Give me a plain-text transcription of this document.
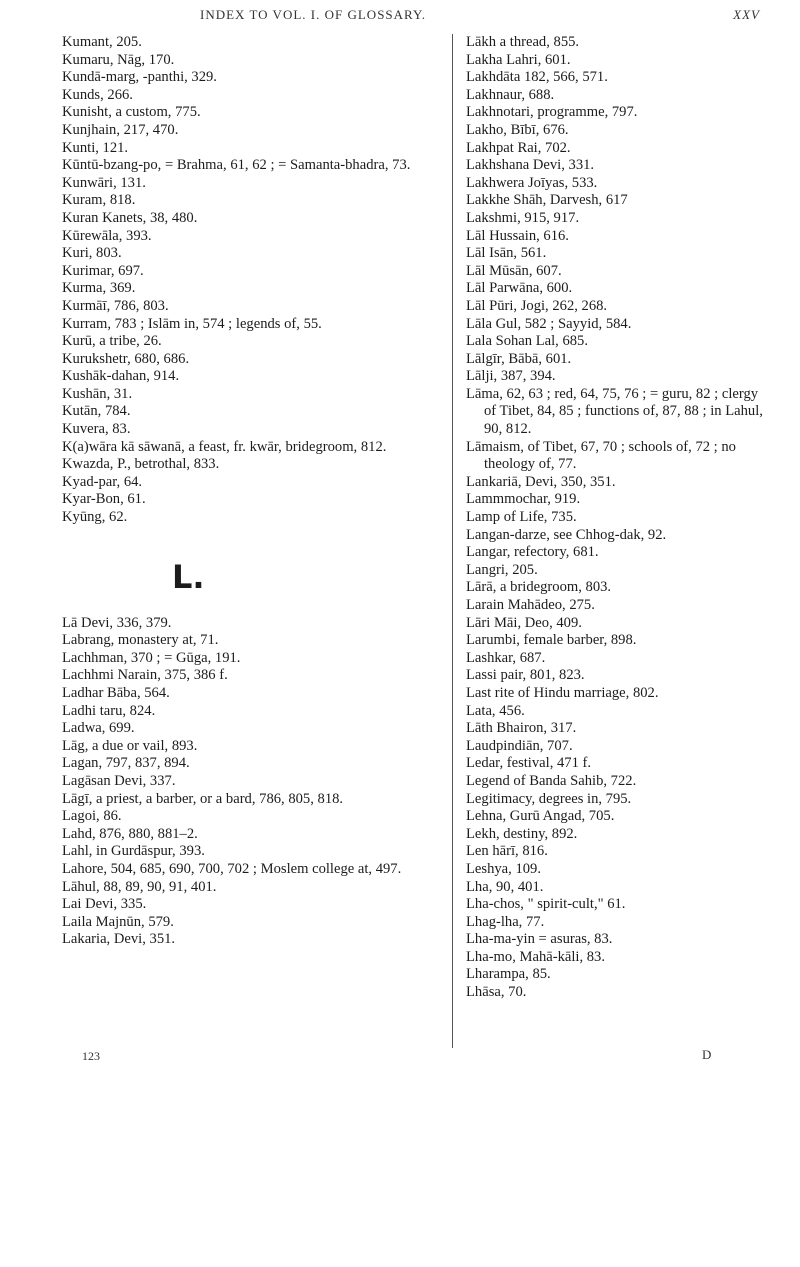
INDEX TO VOL. I. OF GLOSSARY.	XXV
Kumant, 205.
Kumaru, Nāg, 170.
Kundā-marg, -panthi, 329.
Kunds, 266.
Kunisht, a custom, 775.
Kunjhain, 217, 470.
Kunti, 121.
Kūntū-bzang-po, = Brahma, 61, 62 ; = Samanta-bhadra, 73.
Kunwāri, 131.
Kuram, 818.
Kuran Kanets, 38, 480.
Kūrewāla, 393.
Kuri, 803.
Kurimar, 697.
Kurma, 369.
Kurmāī, 786, 803.
Kurram, 783 ; Islām in, 574 ; legends of, 55.
Kurū, a tribe, 26.
Kurukshetr, 680, 686.
Kushāk-dahan, 914.
Kushān, 31.
Kutān, 784.
Kuvera, 83.
K(a)wāra kā sāwanā, a feast, fr. kwār, bridegroom, 812.
Kwazda, P., betrothal, 833.
Kyad-par, 64.
Kyar-Bon, 61.
Kyūng, 62.
L.
Lā Devi, 336, 379.
Labrang, monastery at, 71.
Lachhman, 370 ; = Gūga, 191.
Lachhmi Narain, 375, 386 f.
Ladhar Bāba, 564.
Ladhi taru, 824.
Ladwa, 699.
Lāg, a due or vail, 893.
Lagan, 797, 837, 894.
Lagāsan Devi, 337.
Lāgī, a priest, a barber, or a bard, 786, 805, 818.
Lagoi, 86.
Lahd, 876, 880, 881–2.
Lahl, in Gurdāspur, 393.
Lahore, 504, 685, 690, 700, 702 ; Moslem college at, 497.
Lāhul, 88, 89, 90, 91, 401.
Lai Devi, 335.
Laila Majnūn, 579.
Lakaria, Devi, 351.
Lākh a thread, 855.
Lakha Lahri, 601.
Lakhdāta 182, 566, 571.
Lakhnaur, 688.
Lakhnotari, programme, 797.
Lakho, Bībī, 676.
Lakhpat Rai, 702.
Lakhshana Devi, 331.
Lakhwera Joīyas, 533.
Lakkhe Shāh, Darvesh, 617
Lakshmi, 915, 917.
Lāl Hussain, 616.
Lāl Isān, 561.
Lāl Mūsān, 607.
Lāl Parwāna, 600.
Lāl Pūri, Jogi, 262, 268.
Lāla Gul, 582 ; Sayyid, 584.
Lala Sohan Lal, 685.
Lālgīr, Bābā, 601.
Lālji, 387, 394.
Lāma, 62, 63 ; red, 64, 75, 76 ; = guru, 82 ; clergy of Tibet, 84, 85 ; functions of, 87, 88 ; in Lahul, 90, 812.
Lāmaism, of Tibet, 67, 70 ; schools of, 72 ; no theology of, 77.
Lankariā, Devi, 350, 351.
Lammmochar, 919.
Lamp of Life, 735.
Langan-darze, see Chhog-dak, 92.
Langar, refectory, 681.
Langri, 205.
Lārā, a bridegroom, 803.
Larain Mahādeo, 275.
Lāri Māi, Deo, 409.
Larumbi, female barber, 898.
Lashkar, 687.
Lassi pair, 801, 823.
Last rite of Hindu marriage, 802.
Lata, 456.
Lāth Bhairon, 317.
Laudpindiān, 707.
Ledar, festival, 471 f.
Legend of Banda Sahib, 722.
Legitimacy, degrees in, 795.
Lehna, Gurū Angad, 705.
Lekh, destiny, 892.
Len hārī, 816.
Leshya, 109.
Lha, 90, 401.
Lha-chos, " spirit-cult," 61.
Lhag-lha, 77.
Lha-ma-yin = asuras, 83.
Lha-mo, Mahā-kāli, 83.
Lharampa, 85.
Lhāsa, 70.
123	D
